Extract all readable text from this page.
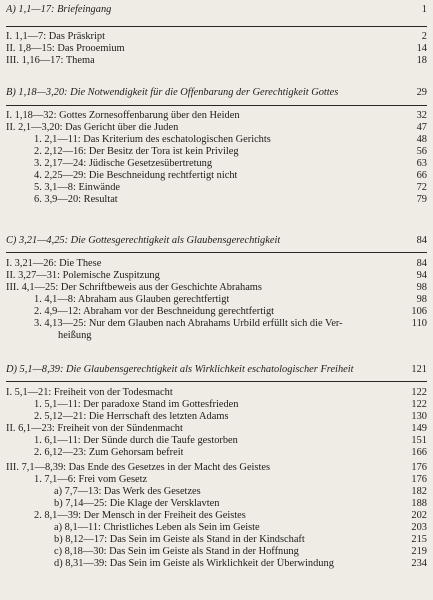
A) 1,1—17: Briefeingang	1
I. 1,1—7: Das Präskript	2
II. 1,8—15: Das Prooemium	14
III. 1,16—17: Thema	18
B) 1,18—3,20: Die Notwendigkeit für die Offenbarung der Gerechtigkeit Gottes	29
I. 1,18—32: Gottes Zornesoffenbarung über den Heiden	32
II. 2,1—3,20: Das Gericht über die Juden	47
1. 2,1—11: Das Kriterium des eschatologischen Gerichts	48
2. 2,12—16: Der Besitz der Tora ist kein Privileg	56
3. 2,17—24: Jüdische Gesetzesübertretung	63
4. 2,25—29: Die Beschneidung rechtfertigt nicht	66
5. 3,1—8: Einwände	72
6. 3,9—20: Resultat	79
C) 3,21—4,25: Die Gottesgerechtigkeit als Glaubensgerechtigkeit	84
I. 3,21—26: Die These	84
II. 3,27—31: Polemische Zuspitzung	94
III. 4,1—25: Der Schriftbeweis aus der Geschichte Abrahams	98
1. 4,1—8: Abraham aus Glauben gerechtfertigt	98
2. 4,9—12: Abraham vor der Beschneidung gerechtfertigt	106
3. 4,13—25: Nur dem Glauben nach Abrahams Urbild erfüllt sich die Ver-	110
heißung
D) 5,1—8,39: Die Glaubensgerechtigkeit als Wirklichkeit eschatologischer Freiheit	121
I. 5,1—21: Freiheit von der Todesmacht	122
1. 5,1—11: Der paradoxe Stand im Gottesfrieden	122
2. 5,12—21: Die Herrschaft des letzten Adams	130
II. 6,1—23: Freiheit von der Sündenmacht	149
1. 6,1—11: Der Sünde durch die Taufe gestorben	151
2. 6,12—23: Zum Gehorsam befreit	166
III. 7,1—8,39: Das Ende des Gesetzes in der Macht des Geistes	176
1. 7,1—6: Frei vom Gesetz	176
a) 7,7—13: Das Werk des Gesetzes	182
b) 7,14—25: Die Klage der Versklavten	188
2. 8,1—39: Der Mensch in der Freiheit des Geistes	202
a) 8,1—11: Christliches Leben als Sein im Geiste	203
b) 8,12—17: Das Sein im Geiste als Stand in der Kindschaft	215
c) 8,18—30: Das Sein im Geiste als Stand in der Hoffnung	219
d) 8,31—39: Das Sein im Geiste als Wirklichkeit der Überwindung	234
